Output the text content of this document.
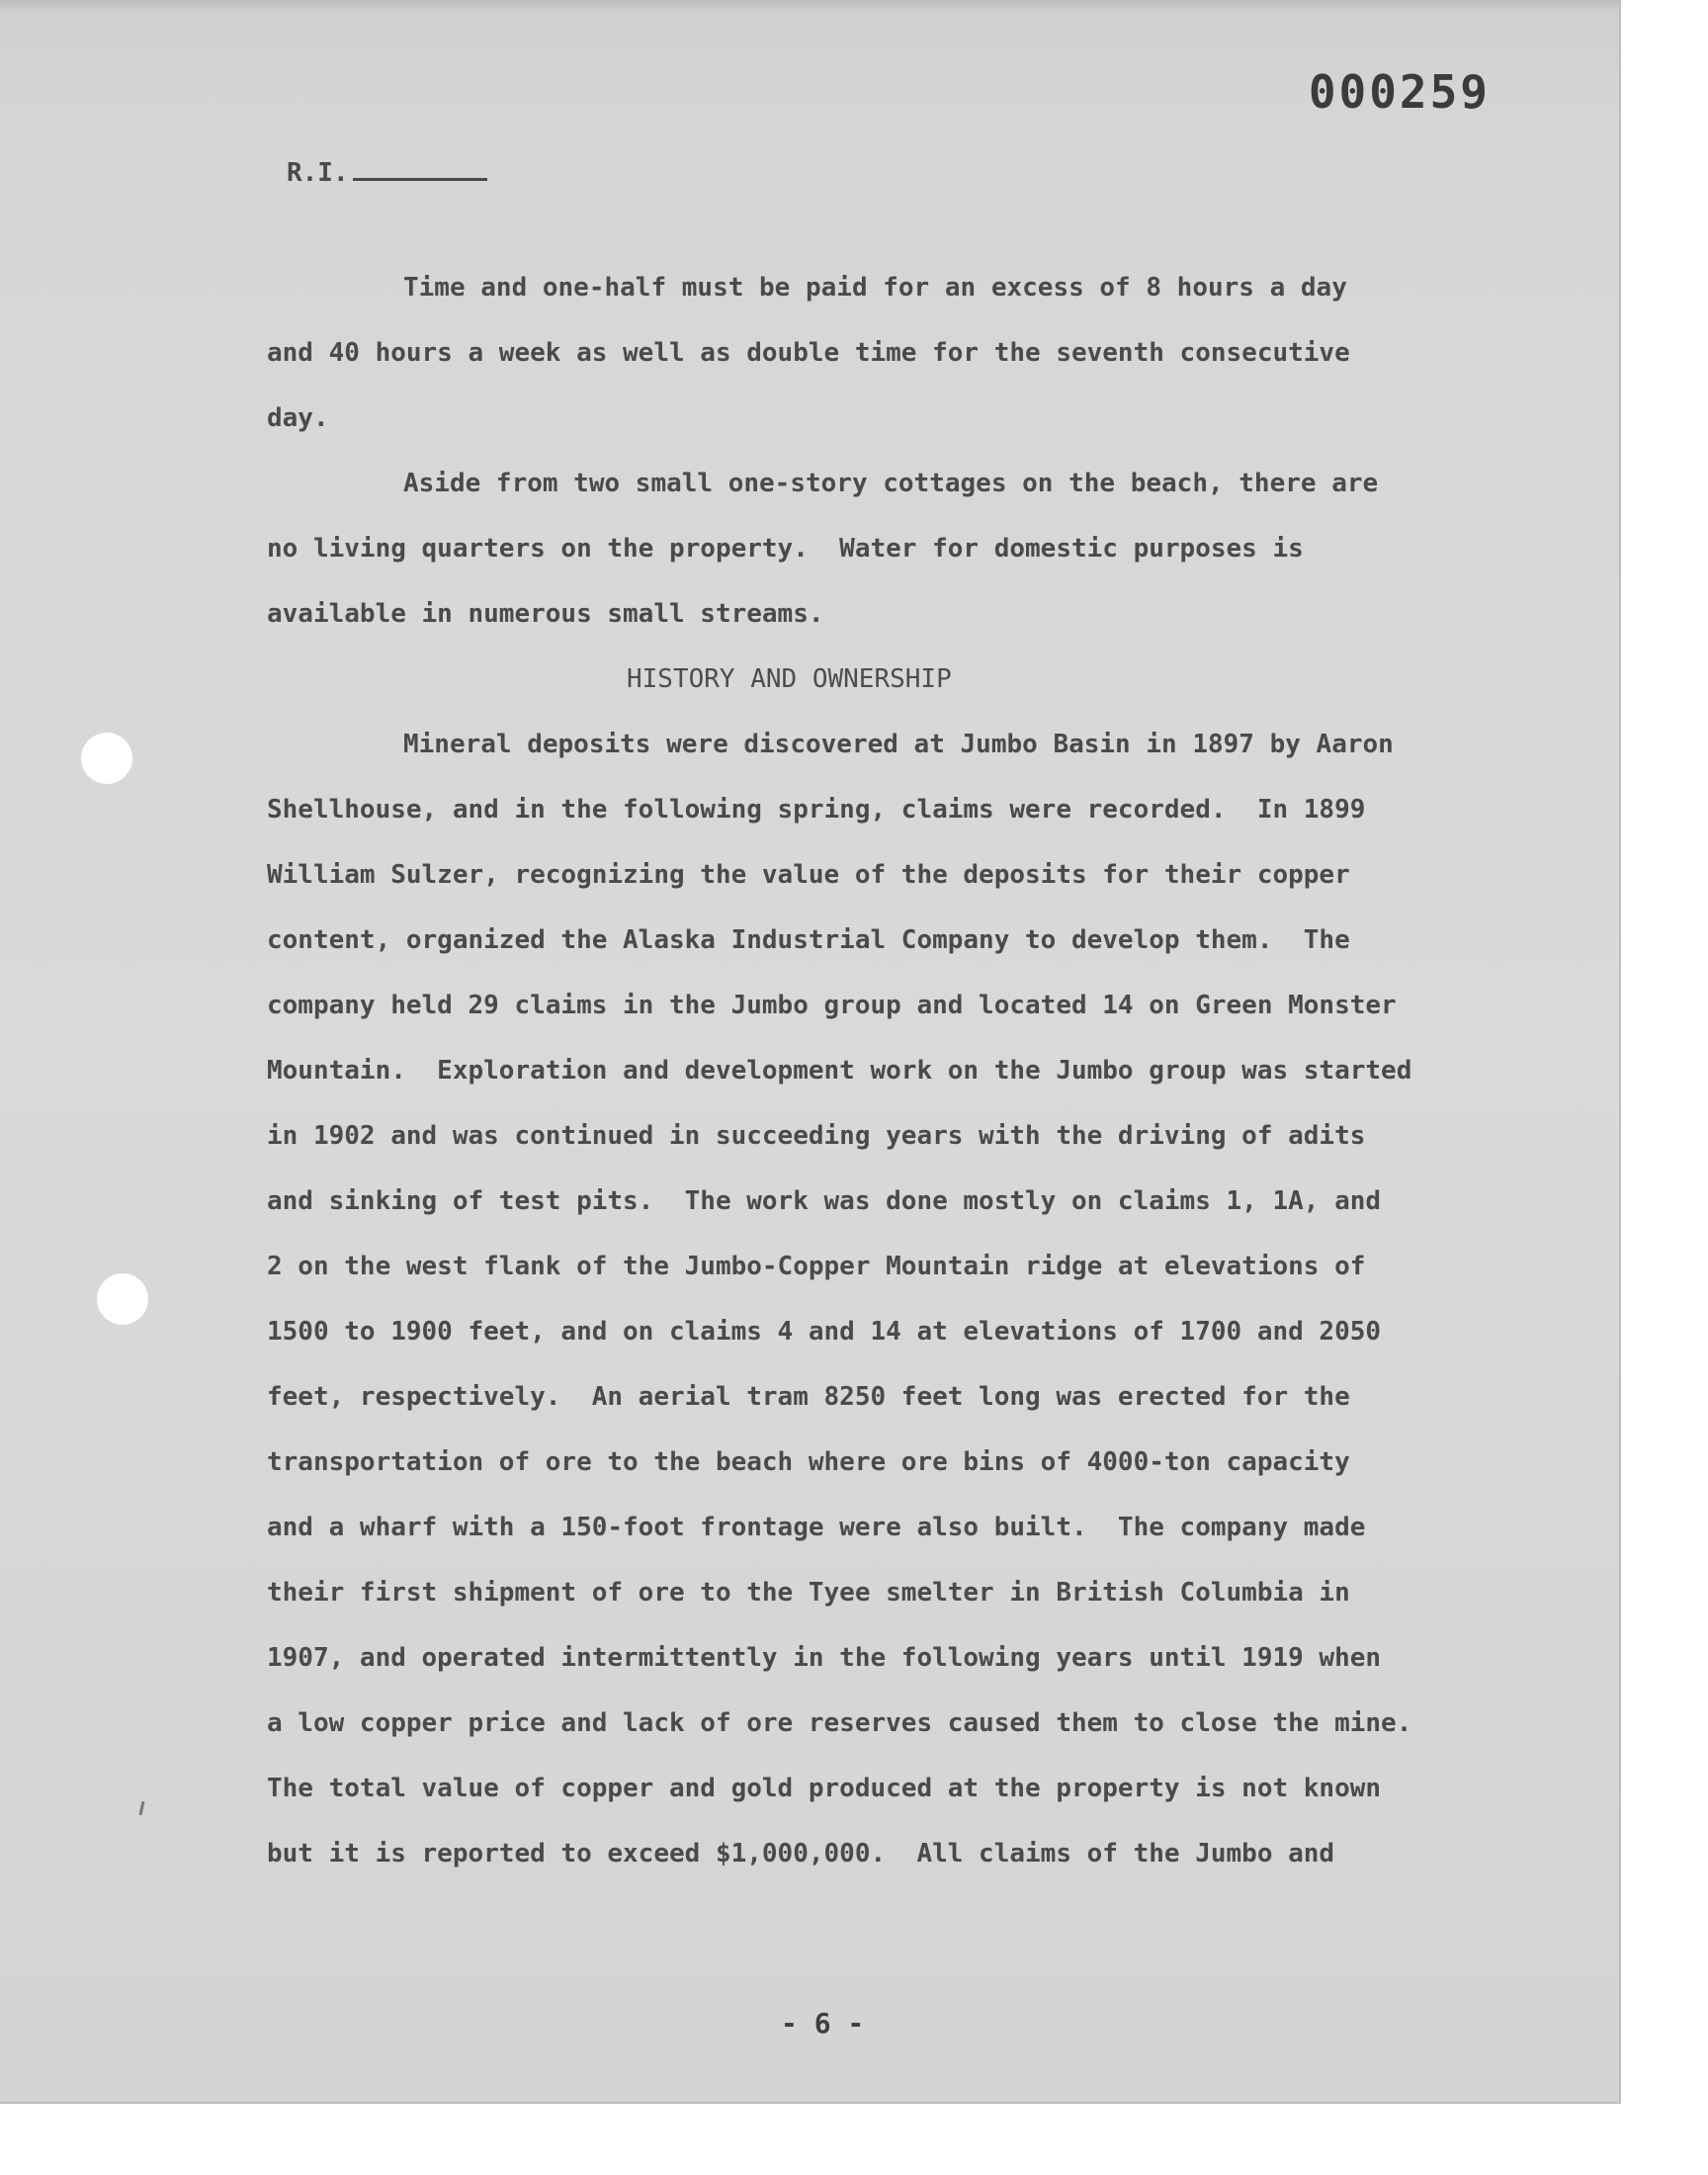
000259
R.I.
Time and one-half must be paid for an excess of 8 hours a day
and 40 hours a week as well as double time for the seventh consecutive
day.
Aside from two small one-story cottages on the beach, there are
no living quarters on the property.  Water for domestic purposes is
available in numerous small streams.
HISTORY AND OWNERSHIP
Mineral deposits were discovered at Jumbo Basin in 1897 by Aaron
Shellhouse, and in the following spring, claims were recorded.  In 1899
William Sulzer, recognizing the value of the deposits for their copper
content, organized the Alaska Industrial Company to develop them.  The
company held 29 claims in the Jumbo group and located 14 on Green Monster
Mountain.  Exploration and development work on the Jumbo group was started
in 1902 and was continued in succeeding years with the driving of adits
and sinking of test pits.  The work was done mostly on claims 1, 1A, and
2 on the west flank of the Jumbo-Copper Mountain ridge at elevations of
1500 to 1900 feet, and on claims 4 and 14 at elevations of 1700 and 2050
feet, respectively.  An aerial tram 8250 feet long was erected for the
transportation of ore to the beach where ore bins of 4000-ton capacity
and a wharf with a 150-foot frontage were also built.  The company made
their first shipment of ore to the Tyee smelter in British Columbia in
1907, and operated intermittently in the following years until 1919 when
a low copper price and lack of ore reserves caused them to close the mine.
The total value of copper and gold produced at the property is not known
but it is reported to exceed $1,000,000.  All claims of the Jumbo and
- 6 -
